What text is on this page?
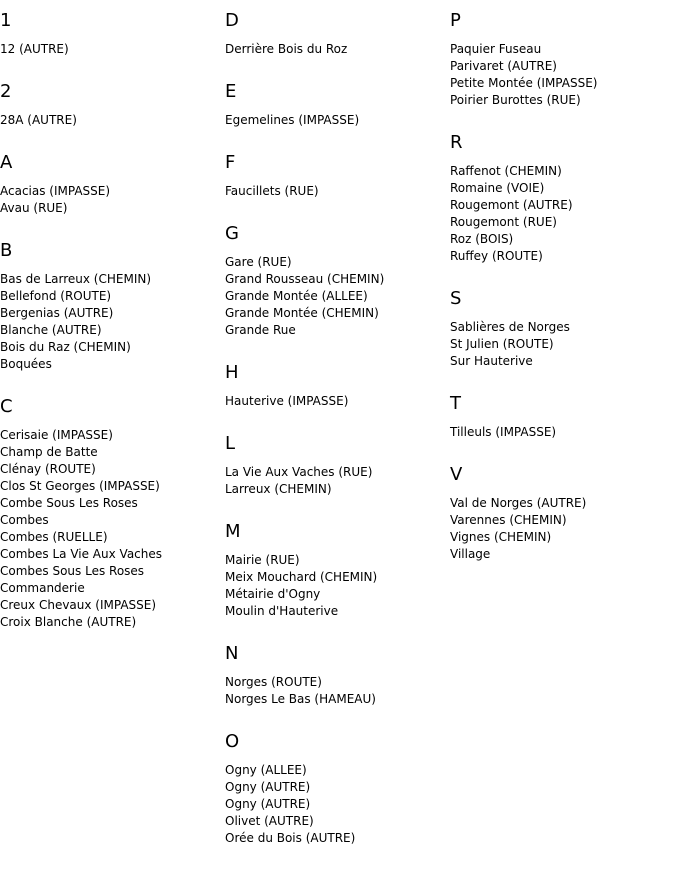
1
12 (AUTRE)
2
28A (AUTRE)
A
Acacias (IMPASSE)
Avau (RUE)
B
Bas de Larreux (CHEMIN)
Bellefond (ROUTE)
Bergenias (AUTRE)
Blanche (AUTRE)
Bois du Raz (CHEMIN)
Boquées
C
Cerisaie (IMPASSE)
Champ de Batte
Clénay (ROUTE)
Clos St Georges (IMPASSE)
Combe Sous Les Roses
Combes
Combes (RUELLE)
Combes La Vie Aux Vaches
Combes Sous Les Roses
Commanderie
Creux Chevaux (IMPASSE)
Croix Blanche (AUTRE)
D
Derrière Bois du Roz
E
Egemelines (IMPASSE)
F
Faucillets (RUE)
G
Gare (RUE)
Grand Rousseau (CHEMIN)
Grande Montée (ALLEE)
Grande Montée (CHEMIN)
Grande Rue
H
Hauterive (IMPASSE)
L
La Vie Aux Vaches (RUE)
Larreux (CHEMIN)
M
Mairie (RUE)
Meix Mouchard (CHEMIN)
Métairie d'Ogny
Moulin d'Hauterive
N
Norges (ROUTE)
Norges Le Bas (HAMEAU)
O
Ogny (ALLEE)
Ogny (AUTRE)
Ogny (AUTRE)
Olivet (AUTRE)
Orée du Bois (AUTRE)
P
Paquier Fuseau
Parivaret (AUTRE)
Petite Montée (IMPASSE)
Poirier Burottes (RUE)
R
Raffenot (CHEMIN)
Romaine (VOIE)
Rougemont (AUTRE)
Rougemont (RUE)
Roz (BOIS)
Ruffey (ROUTE)
S
Sablières de Norges
St Julien (ROUTE)
Sur Hauterive
T
Tilleuls (IMPASSE)
V
Val de Norges (AUTRE)
Varennes (CHEMIN)
Vignes (CHEMIN)
Village
